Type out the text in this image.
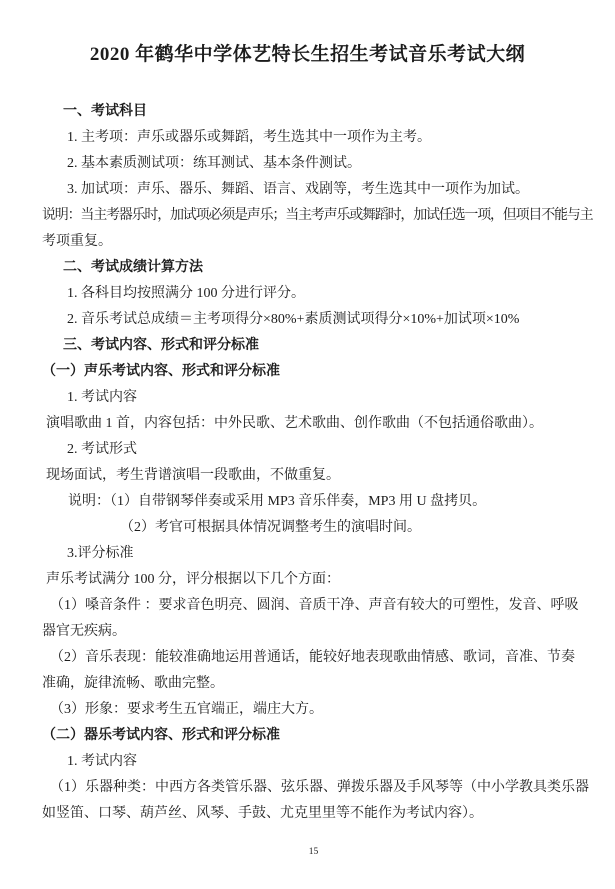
2020 年鹤华中学体艺特长生招生考试音乐考试大纲
一、考试科目
1. 主考项：声乐或器乐或舞蹈，考生选其中一项作为主考。
2. 基本素质测试项：练耳测试、基本条件测试。
3. 加试项：声乐、器乐、舞蹈、语言、戏剧等，考生选其中一项作为加试。
说明：当主考器乐时，加试项必须是声乐；当主考声乐或舞蹈时，加试任选一项，但项目不能与主
考项重复。
二、考试成绩计算方法
1. 各科目均按照满分 100 分进行评分。
2. 音乐考试总成绩＝主考项得分×80%+素质测试项得分×10%+加试项×10%
三、考试内容、形式和评分标准
（一）声乐考试内容、形式和评分标准
1. 考试内容
演唱歌曲 1 首，内容包括：中外民歌、艺术歌曲、创作歌曲（不包括通俗歌曲）。
2. 考试形式
现场面试，考生背谱演唱一段歌曲，不做重复。
说明：（1）自带钢琴伴奏或采用 MP3 音乐伴奏，MP3 用 U 盘拷贝。
（2）考官可根据具体情况调整考生的演唱时间。
3.评分标准
声乐考试满分 100 分，评分根据以下几个方面：
（1）嗓音条件 ：要求音色明亮、圆润、音质干净、声音有较大的可塑性，发音、呼吸
器官无疾病。
（2）音乐表现：能较准确地运用普通话，能较好地表现歌曲情感、歌词，音准、节奏
准确，旋律流畅、歌曲完整。
（3）形象：要求考生五官端正，端庄大方。
（二）器乐考试内容、形式和评分标准
1. 考试内容
（1）乐器种类：中西方各类管乐器、弦乐器、弹拨乐器及手风琴等（中小学教具类乐器
如竖笛、口琴、葫芦丝、风琴、手鼓、尤克里里等不能作为考试内容）。
15
